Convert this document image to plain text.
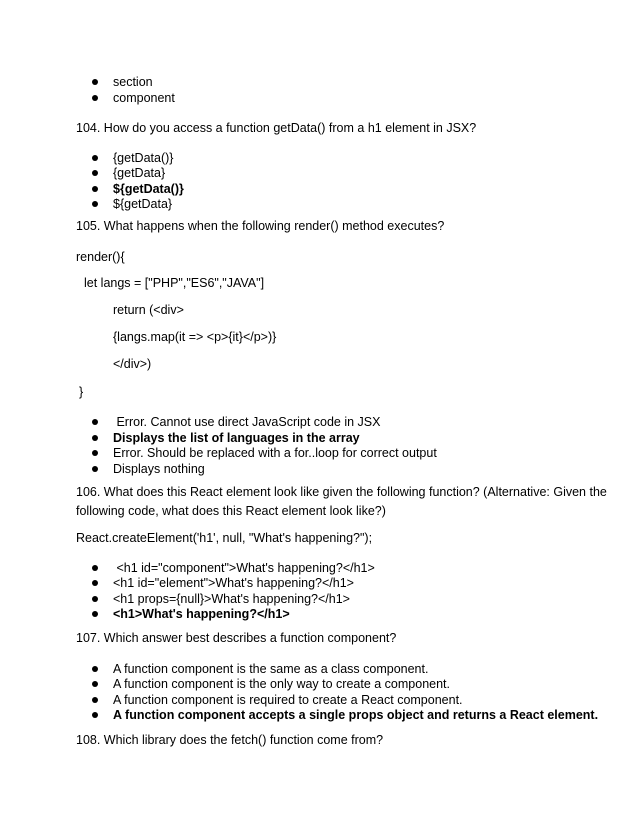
section
component
104. How do you access a function getData() from a h1 element in JSX?
{getData()}
{getData}
${getData()}
${getData}
105. What happens when the following render() method executes?
render(){
let langs = ["PHP","ES6","JAVA"]
return (<div>
{langs.map(it => <p>{it}</p>)}
</div>)
}
Error. Cannot use direct JavaScript code in JSX
Displays the list of languages in the array
Error. Should be replaced with a for..loop for correct output
Displays nothing
106. What does this React element look like given the following function? (Alternative: Given the
following code, what does this React element look like?)
React.createElement('h1', null, "What's happening?");
<h1 id="component">What's happening?</h1>
<h1 id="element">What's happening?</h1>
<h1 props={null}>What's happening?</h1>
<h1>What's happening?</h1>
107. Which answer best describes a function component?
A function component is the same as a class component.
A function component is the only way to create a component.
A function component is required to create a React component.
A function component accepts a single props object and returns a React element.
108. Which library does the fetch() function come from?
